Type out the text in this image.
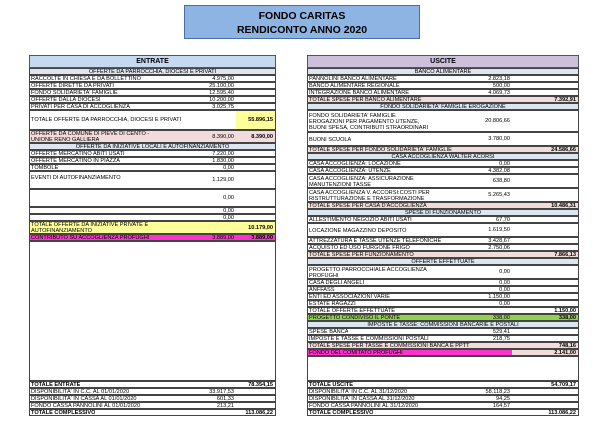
FONDO CARITAS
RENDICONTO ANNO 2020
ENTRATE	USCITE
OFFERTE DA PARROCCHIA, DIOCESI E PRIVATI
RACCOLTE IN CHIESA E DA BOLLETTINO	4.975,00
OFFERTE DIRETTE DA PRIVATI	25.100,00
FONDO SOLIDARIETA' FAMIGLIE	12.595,40
OFFERTE DALLA DIOCESI	10.200,00
PRIVATI PER CASA DI ACCOGLIENZA	3.025,75
TOTALE OFFERTE DA PARROCCHIA, DIOCESI E PRIVATI	55.896,15
OFFERTE DA COMUNE DI PIEVE DI CENTO -
UNIONE RENO GALLIERA
8.390,00	8.390,00
OFFERTE DA INIZIATIVE LOCALI E AUTOFINANZIAMENTO
OFFERTE MERCATINO ABITI USATI	7.220,00
OFFERTE MERCATINO IN PIAZZA	1.830,00
TOMBOLE	0,00
EVENTI DI AUTOFINANZIAMENTO	1.129,00
0,00
0,00
0,00
TOTALE OFFERTE DA INIZIATIVE PRIVATE E
AUTOFINANZIAMENTO
10.179,00
CONTRIBUTO SU ACCOGLIENZA PROFUGHI	3.889,00	3.889,00
TOTALE ENTRATE	78.354,15
DISPONIBILITA' IN C.C. AL 01/01/2020	33.917,53
DISPONIBILITA' IN CASSA AL 01/01/2020	601,33
FONDO CASSA PANNOLINI AL 01/01/2020	213,21
TOTALE COMPLESSIVO	113.086,22
BANCO ALIMENTARE
PANNOLINI BANCO ALIMENTARE	2.823,18
BANCO ALIMENTARE REGIONALE	500,00
INTEGRAZIONE BANCO ALIMENTARE	4.069,73
TOTALE SPESE PER BANCO ALIMENTARE	7.392,91
FONDO SOLIDARIETA' FAMIGLIE EROGAZIONE
FONDO SOLIDARIETA' FAMIGLIE
EROGAZIONI PER PAGAMENTO UTENZE,
BUONI SPESA, CONTRIBUTI STRAORDINARI
20.806,66
BUONI SCUOLA	3.780,00
TOTALE SPESE PER FONDO SOLIDARIETA' FAMIGLIE	24.586,66
CASA ACCOGLIENZA WALTER ACORSI
CASA ACCOGLIENZA: LOCAZIONE	0,00
CASA ACCOGLIENZA: UTENZE	4.382,08
CASA ACCOGLIENZA: ASSICURAZIONE
MANUTENZIONI TASSE
638,80
CASA ACCOGLIENZA V. ACCORSI:COSTI PER
RISTRUTTURAZIONE E TRASFORMAZIONE
5.265,43
TOTALE SPESE PER CASA D'ACCOGLIENZA	10.486,31
SPESE DI FUNZIONAMENTO
ALLESTIMENTO NEGOZIO ABITI USATI	67,70
LOCAZIONE MAGAZZINO DEPOSITO	1.619,50
ATTREZZATURA E TASSE UTENZE TELEFONICHE	3.428,67
ACQUISTO ED USO FURGONE FRIGO	2.750,06
TOTALE SPESE PER FUNZIONAMENTO	7.866,13
OFFERTE EFFETTUATE
PROGETTO PARROCCHIALE ACCOGLIENZA
PROFUGHI
0,00
CASA DEGLI ANGELI	0,00
ANFFASS	0,00
ENTI ED ASSOCIAZIONI VARIE	1.150,00
ESTATE RAGAZZI	0,00
TOTALE OFFERTE EFFETTUATE	1.150,00
PROGETTO CONDIVISO IL PONTE	338,00	338,00
IMPOSTE E TASSE: COMMISSIONI BANCARIE E POSTALI
SPESE BANCA	529,41
IMPOSTE E TASSE E COMMISSIONI POSTALI	218,75
TOTALE SPESE PER TASSE E COMMISSIONI BANCA E PPTT	748,16
FONDO DEL COMITATO PROFUGHI	2.141,00
TOTALE USCITE	54.709,17
DISPONIBILITA' IN C.C. AL 31/12/2020	58.118,23
DISPONIBILITA' IN CASSA AL 31/12/2020	94,25
FONDO CASSA PANNOLINI AL 31/12/2020	164,57
TOTALE COMPLESSIVO	113.086,22
